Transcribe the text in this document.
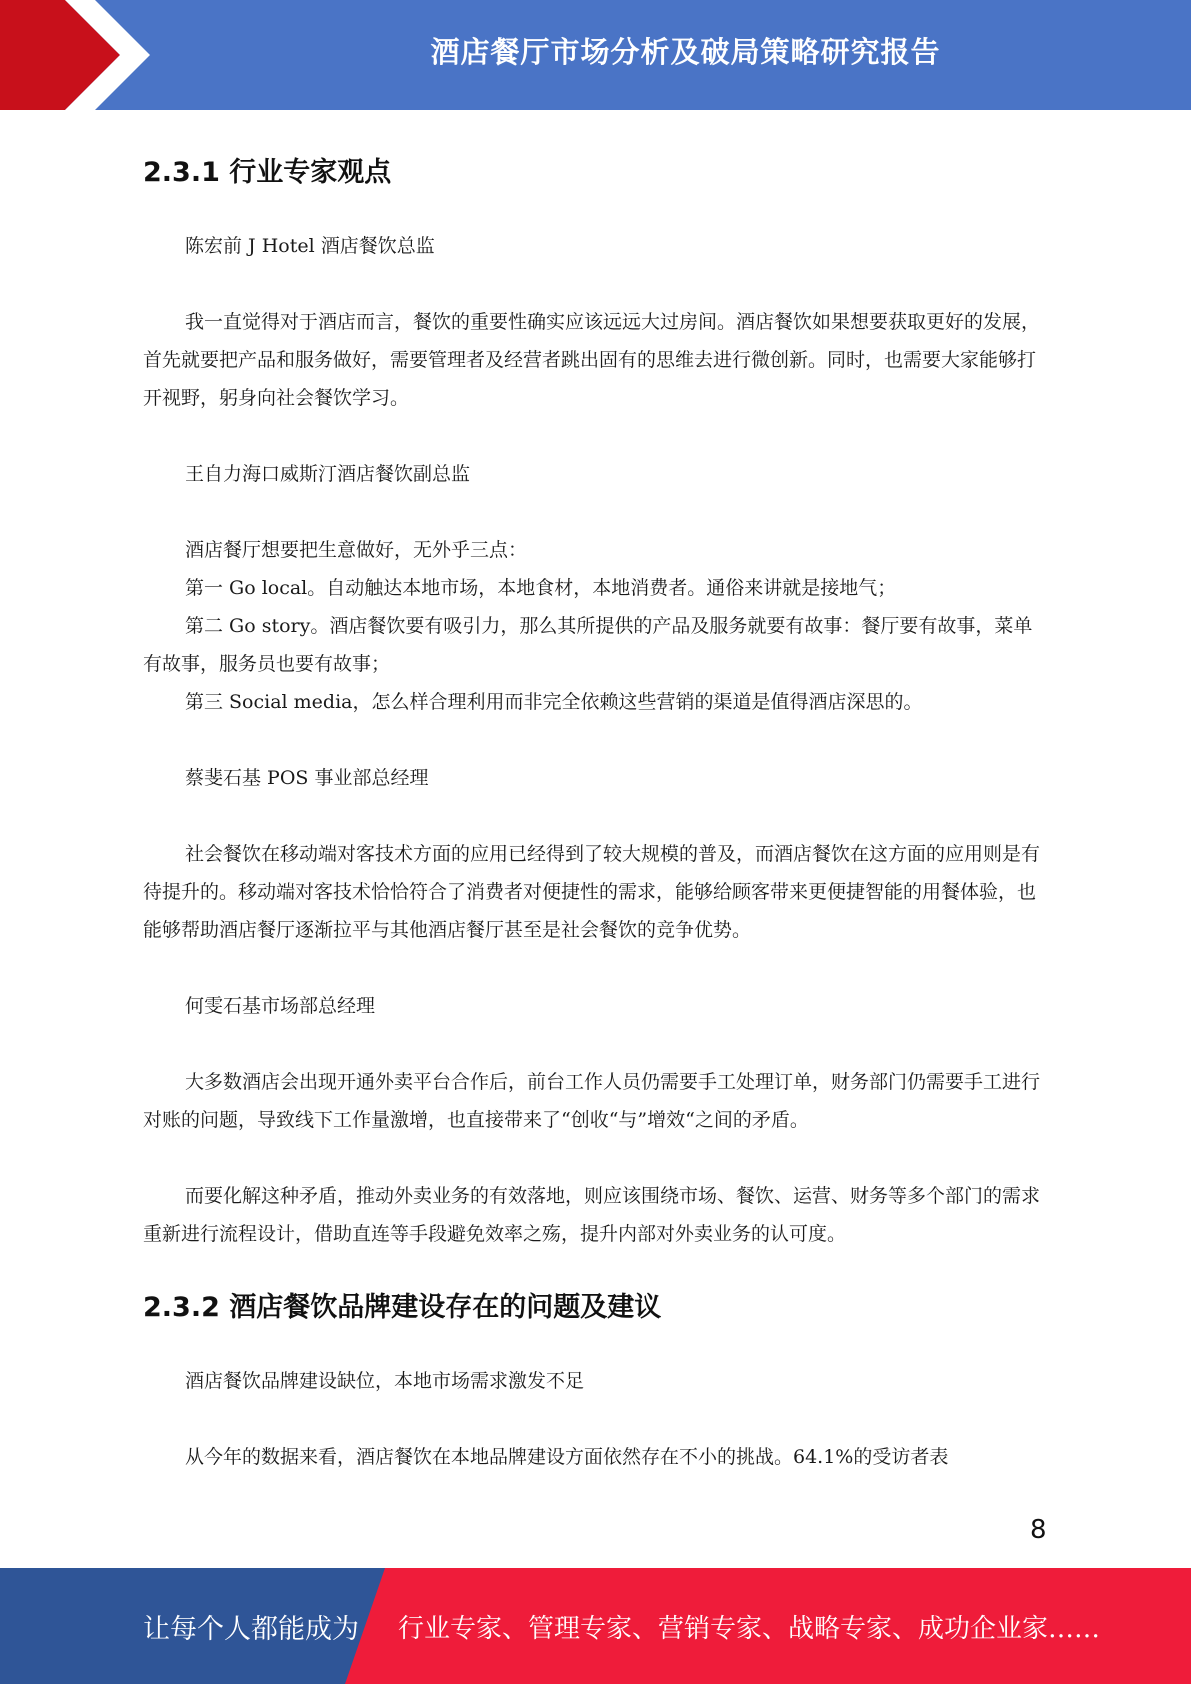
酒店餐厅市场分析及破局策略研究报告
2.3.1 行业专家观点

陈宏前 J Hotel 酒店餐饮总监

我一直觉得对于酒店而言，餐饮的重要性确实应该远远大过房间。酒店餐饮如果想要获取更好的发展，首先就要把产品和服务做好，需要管理者及经营者跳出固有的思维去进行微创新。同时，也需要大家能够打开视野，躬身向社会餐饮学习。

王自力海口威斯汀酒店餐饮副总监

酒店餐厅想要把生意做好，无外乎三点：

第一 Go local。自动触达本地市场，本地食材，本地消费者。通俗来讲就是接地气；

第二 Go story。酒店餐饮要有吸引力，那么其所提供的产品及服务就要有故事：餐厅要有故事，菜单有故事，服务员也要有故事；

第三 Social media，怎么样合理利用而非完全依赖这些营销的渠道是值得酒店深思的。

蔡斐石基 POS 事业部总经理

社会餐饮在移动端对客技术方面的应用已经得到了较大规模的普及，而酒店餐饮在这方面的应用则是有待提升的。移动端对客技术恰恰符合了消费者对便捷性的需求，能够给顾客带来更便捷智能的用餐体验，也能够帮助酒店餐厅逐渐拉平与其他酒店餐厅甚至是社会餐饮的竞争优势。

何雯石基市场部总经理

大多数酒店会出现开通外卖平台合作后，前台工作人员仍需要手工处理订单，财务部门仍需要手工进行对账的问题，导致线下工作量激增，也直接带来了“创收“与”增效“之间的矛盾。

而要化解这种矛盾，推动外卖业务的有效落地，则应该围绕市场、餐饮、运营、财务等多个部门的需求重新进行流程设计，借助直连等手段避免效率之殇，提升内部对外卖业务的认可度。

2.3.2 酒店餐饮品牌建设存在的问题及建议

酒店餐饮品牌建设缺位，本地市场需求激发不足

从今年的数据来看，酒店餐饮在本地品牌建设方面依然存在不小的挑战。64.1%的受访者表

8
让每个人都能成为 行业专家、管理专家、营销专家、战略专家、成功企业家……
